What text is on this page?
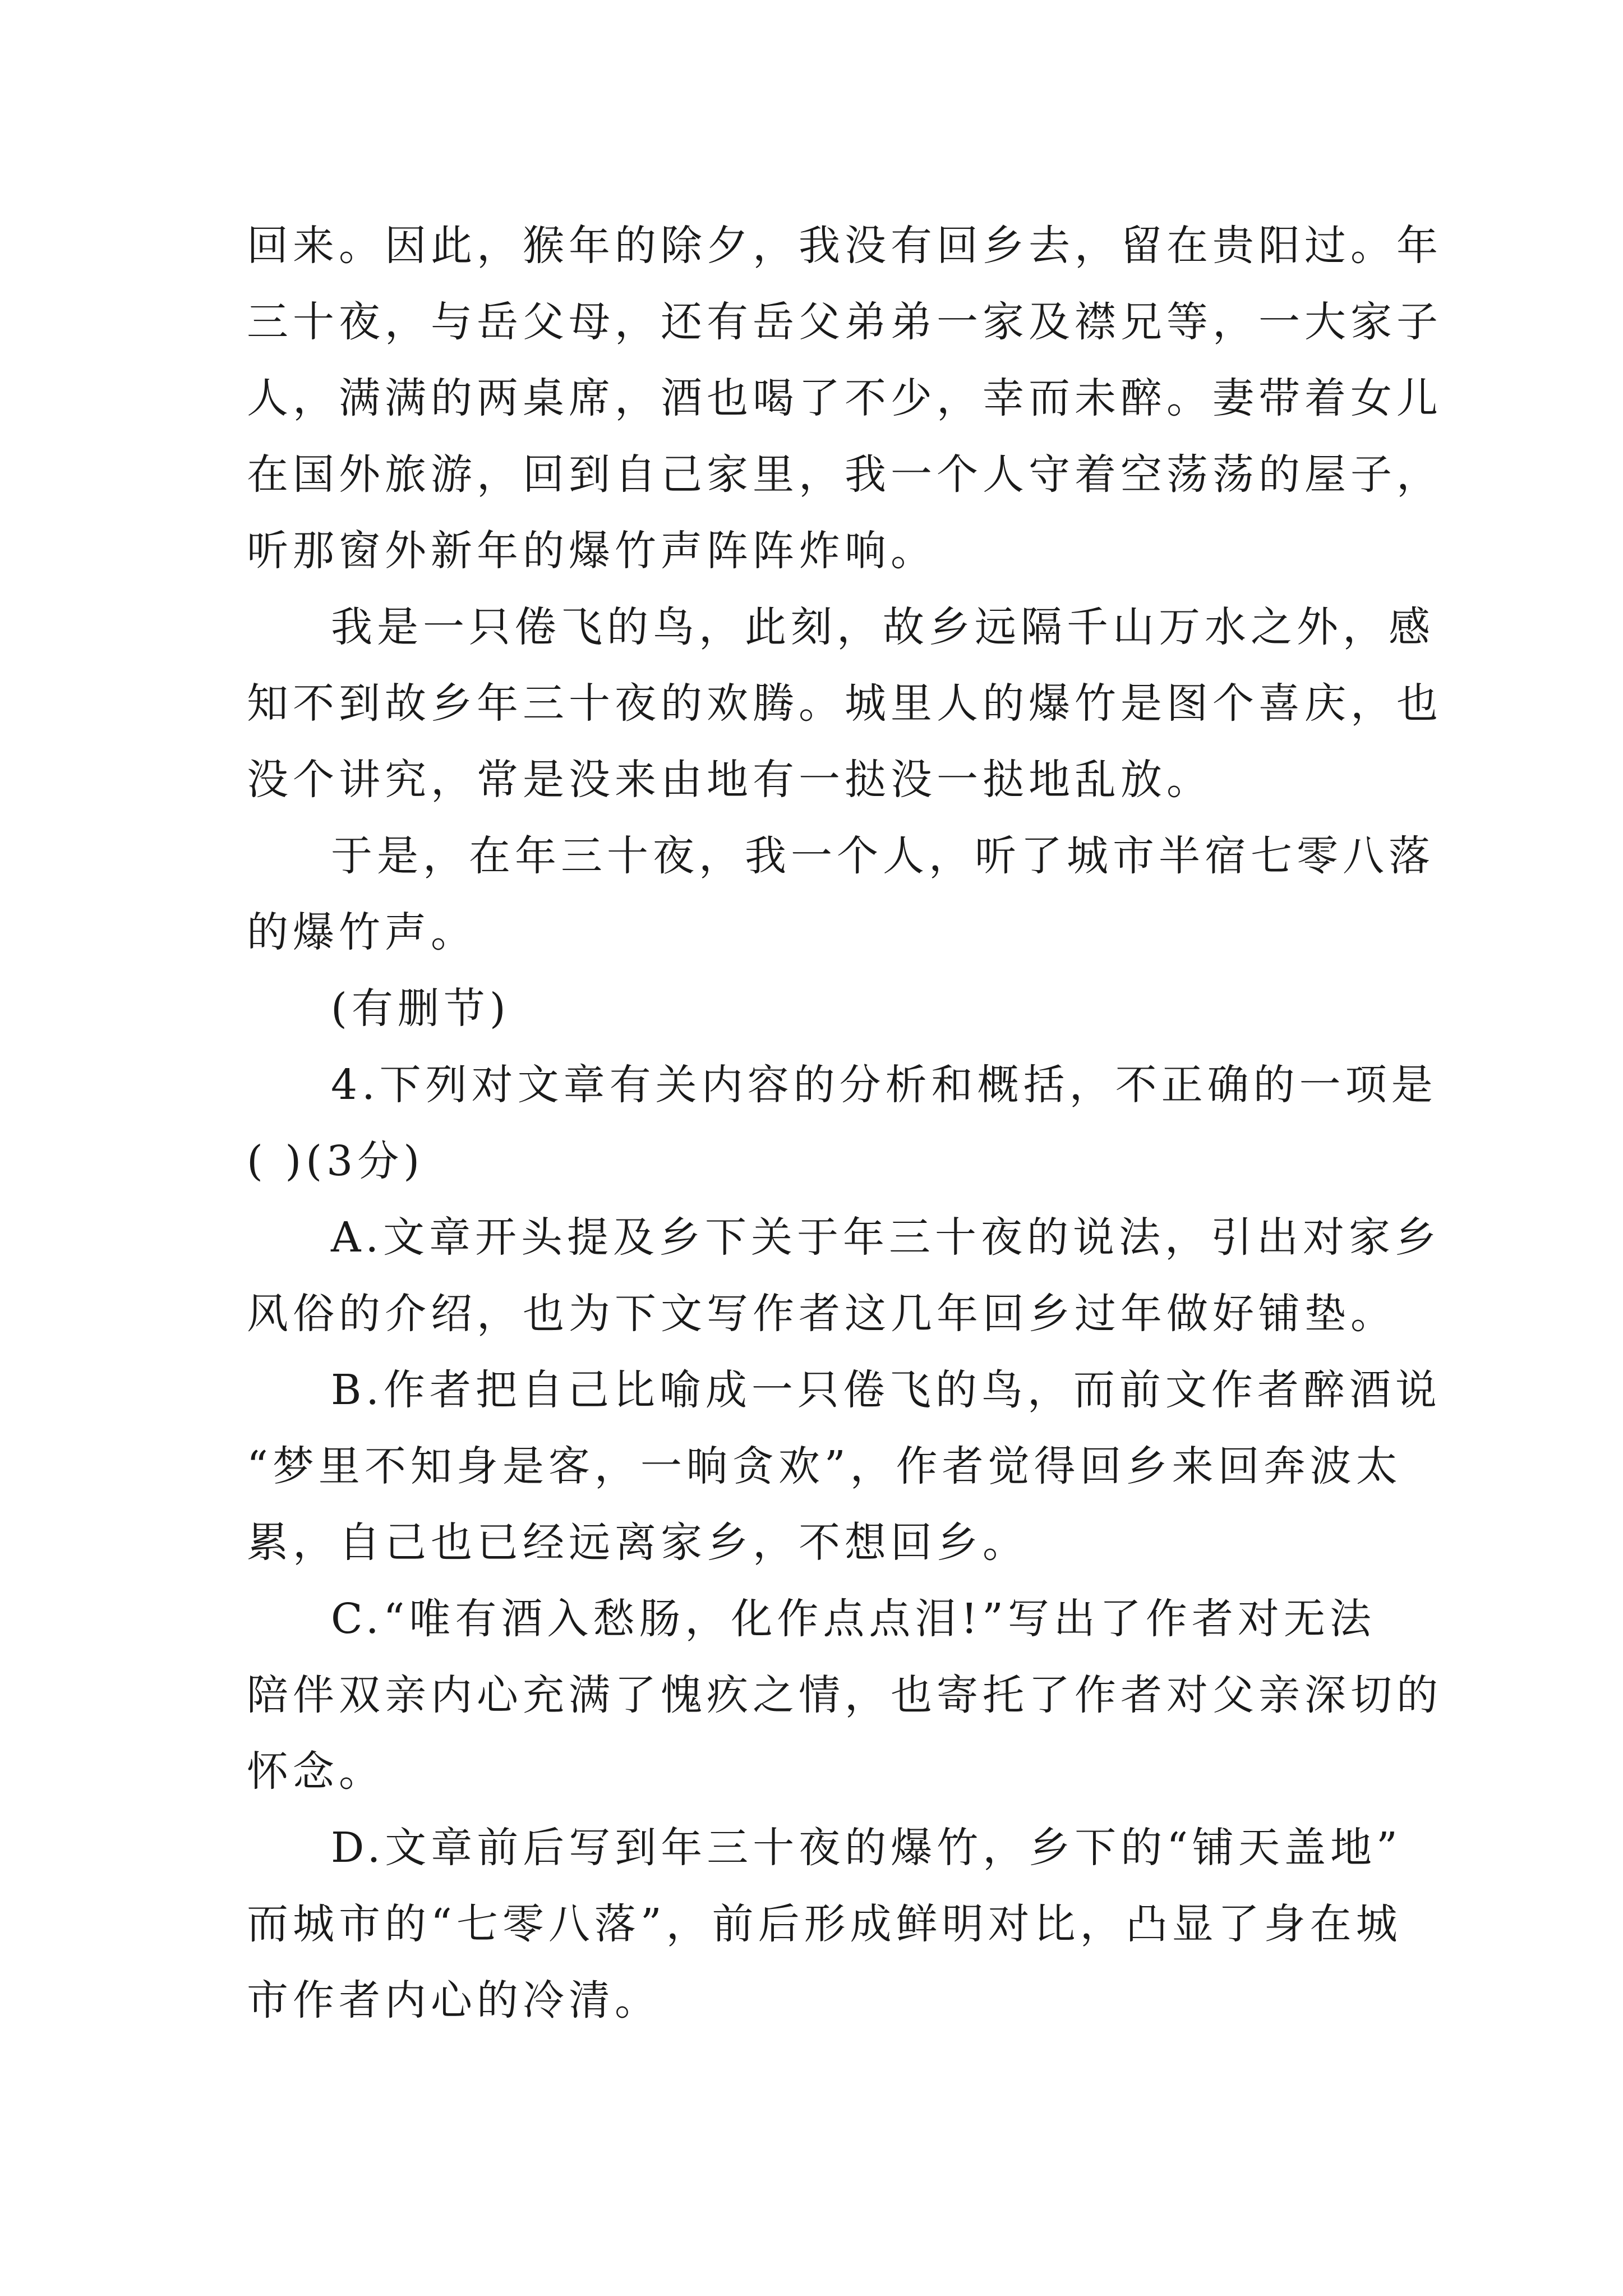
回来。因此，猴年的除夕，我没有回乡去，留在贵阳过。年
三十夜，与岳父母，还有岳父弟弟一家及襟兄等，一大家子
人，满满的两桌席，酒也喝了不少，幸而未醉。妻带着女儿
在国外旅游，回到自己家里，我一个人守着空荡荡的屋子，
听那窗外新年的爆竹声阵阵炸响。
我是一只倦飞的鸟，此刻，故乡远隔千山万水之外，感
知不到故乡年三十夜的欢腾。城里人的爆竹是图个喜庆，也
没个讲究，常是没来由地有一挞没一挞地乱放。
于是，在年三十夜，我一个人，听了城市半宿七零八落
的爆竹声。
(有删节)
4.下列对文章有关内容的分析和概括，不正确的一项是
( )(3分)
A.文章开头提及乡下关于年三十夜的说法，引出对家乡
风俗的介绍，也为下文写作者这几年回乡过年做好铺垫。
B.作者把自己比喻成一只倦飞的鸟，而前文作者醉酒说
“梦里不知身是客，一晌贪欢”，作者觉得回乡来回奔波太
累，自己也已经远离家乡，不想回乡。
C.“唯有酒入愁肠，化作点点泪!”写出了作者对无法
陪伴双亲内心充满了愧疚之情，也寄托了作者对父亲深切的
怀念。
D.文章前后写到年三十夜的爆竹，乡下的“铺天盖地”
而城市的“七零八落”，前后形成鲜明对比，凸显了身在城
市作者内心的冷清。
